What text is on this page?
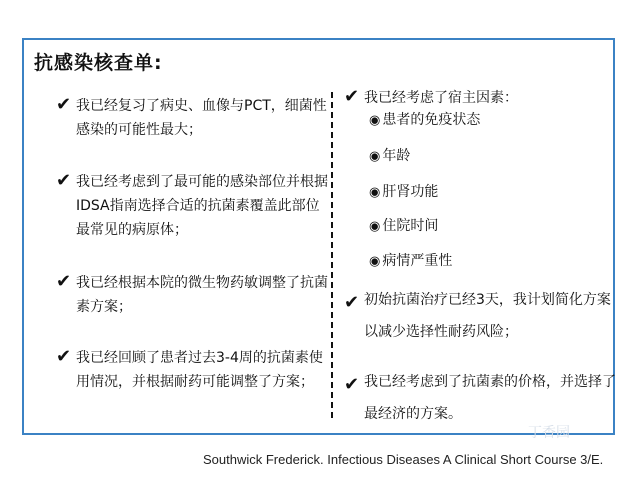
抗感染核查单:
✔ 我已经复习了病史、血像与PCT，细菌性感染的可能性最大；
✔ 我已经考虑到了最可能的感染部位并根据IDSA指南选择合适的抗菌素覆盖此部位最常见的病原体；
✔ 我已经根据本院的微生物药敏调整了抗菌素方案；
✔ 我已经回顾了患者过去3-4周的抗菌素使用情况，并根据耐药可能调整了方案；
✔ 我已经考虑了宿主因素：
◉ 患者的免疫状态
◉ 年龄
◉ 肝肾功能
◉ 住院时间
◉ 病情严重性
✔ 初始抗菌治疗已经3天，我计划简化方案以减少选择性耐药风险；
✔ 我已经考虑到了抗菌素的价格，并选择了最经济的方案。
丁香园
Southwick Frederick. Infectious Diseases A Clinical Short Course 3/E.
